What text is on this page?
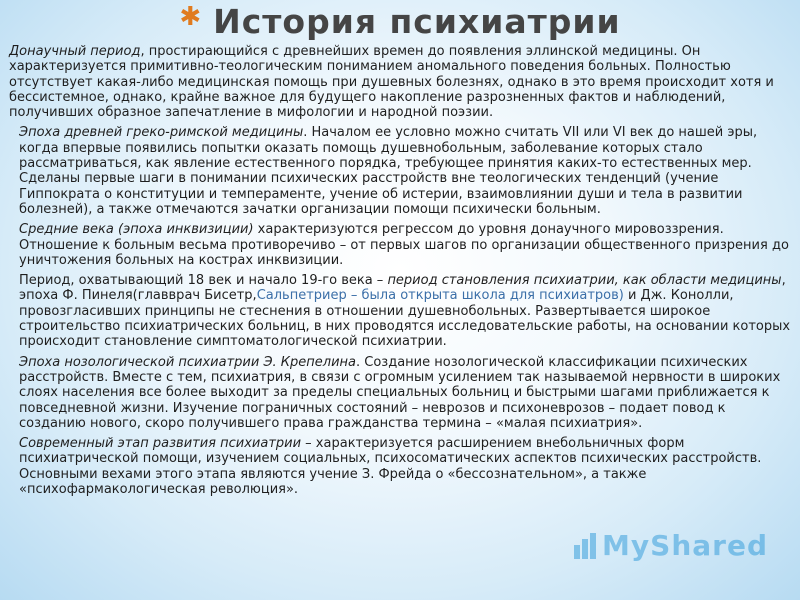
✱ История психиатрии

Донаучный период, простирающийся с древнейших времен до появления эллинской медицины. Он характеризуется примитивно-теологическим пониманием аномального поведения больных. Полностью отсутствует какая-либо медицинская помощь при душевных болезнях, однако в это время происходит хотя и бессистемное, однако, крайне важное для будущего накопление разрозненных фактов и наблюдений, получивших образное запечатление в мифологии и народной поэзии.

Эпоха древней греко-римской медицины. Началом ее условно можно считать VII или VI век до нашей эры, когда впервые появились попытки оказать помощь душевнобольным, заболевание которых стало рассматриваться, как явление естественного порядка, требующее принятия каких-то естественных мер. Сделаны первые шаги в понимании психических расстройств вне теологических тенденций (учение Гиппократа о конституции и темпераменте, учение об истерии, взаимовлиянии души и тела в развитии болезней), а также отмечаются зачатки организации помощи психически больным.

Средние века (эпоха инквизиции) характеризуются регрессом до уровня донаучного мировоззрения. Отношение к больным весьма противоречиво – от первых шагов по организации общественного призрения до уничтожения больных на кострах инквизиции.

Период, охватывающий 18 век и начало 19-го века – период становления психиатрии, как области медицины, эпоха Ф. Пинеля(главврач Бисетр,Сальпетриер – была открыта школа для психиатров) и Дж. Конолли, провозгласивших принципы не стеснения в отношении душевнобольных. Развертывается широкое строительство психиатрических больниц, в них проводятся исследовательские работы, на основании которых происходит становление симптоматологической психиатрии.

Эпоха нозологической психиатрии Э. Крепелина. Создание нозологической классификации психических расстройств. Вместе с тем, психиатрия, в связи с огромным усилением так называемой нервности в широких слоях населения все более выходит за пределы специальных больниц и быстрыми шагами приближается к повседневной жизни. Изучение пограничных состояний – неврозов и психоневрозов – подает повод к созданию нового, скоро получившего права гражданства термина – «малая психиатрия».

Современный этап развития психиатрии – характеризуется расширением внебольничных форм психиатрической помощи, изучением социальных, психосоматических аспектов психических расстройств. Основными вехами этого этапа являются учение З. Фрейда о «бессознательном», а также «психофармакологическая революция».

MyShared
